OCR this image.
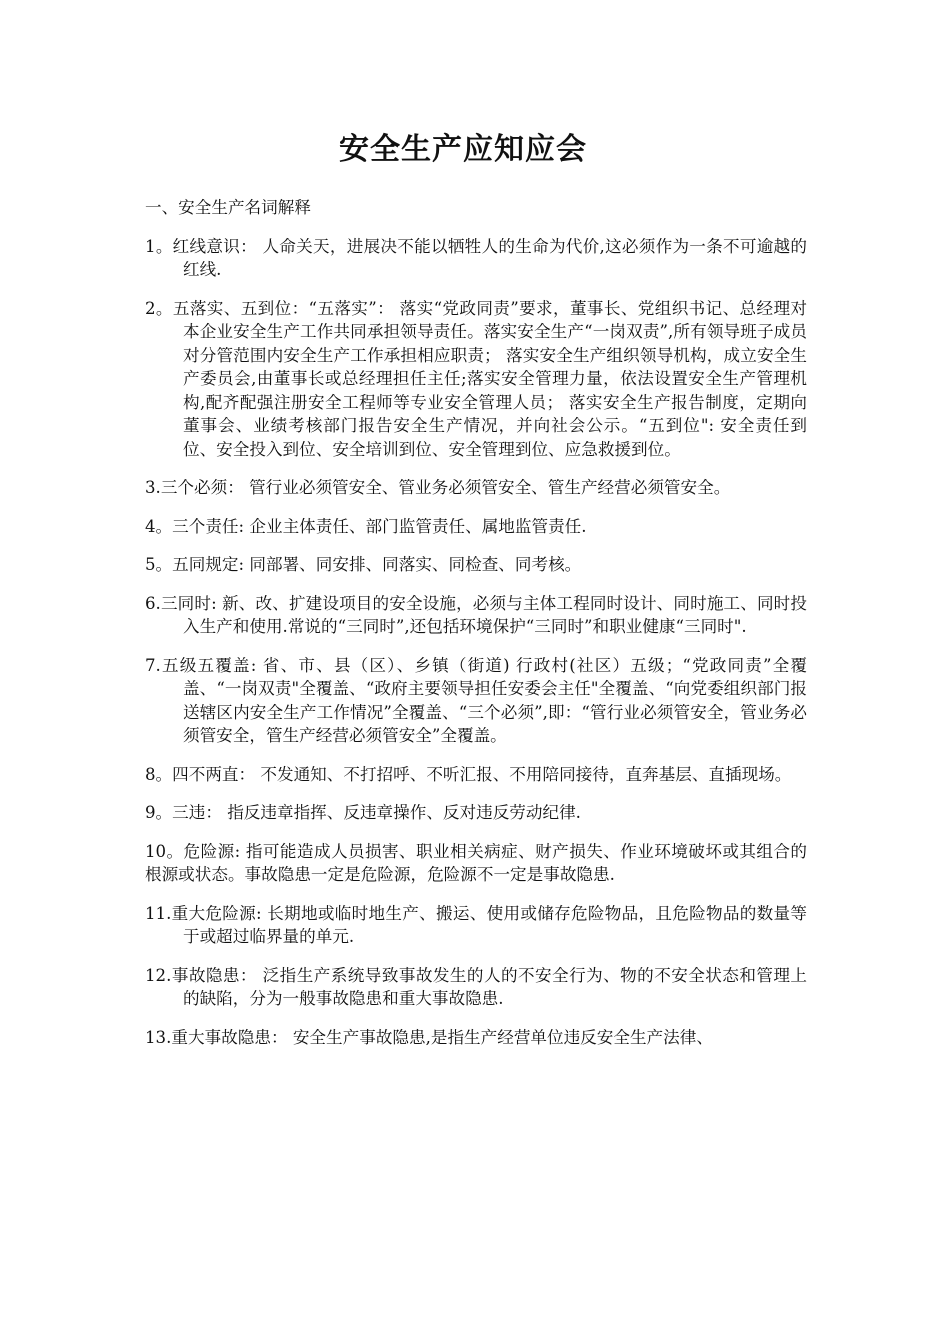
安全生产应知应会
一、安全生产名词解释
1。红线意识： 人命关天，进展决不能以牺牲人的生命为代价,这必须作为一条不可逾越的红线.
2。五落实、五到位：“五落实”： 落实“党政同责”要求，董事长、党组织书记、总经理对本企业安全生产工作共同承担领导责任。落实安全生产“一岗双责”,所有领导班子成员对分管范围内安全生产工作承担相应职责； 落实安全生产组织领导机构，成立安全生产委员会,由董事长或总经理担任主任;落实安全管理力量，依法设置安全生产管理机构,配齐配强注册安全工程师等专业安全管理人员； 落实安全生产报告制度，定期向董事会、业绩考核部门报告安全生产情况，并向社会公示。“五到位": 安全责任到位、安全投入到位、安全培训到位、安全管理到位、应急救援到位。
3.三个必须： 管行业必须管安全、管业务必须管安全、管生产经营必须管安全。
4。三个责任: 企业主体责任、部门监管责任、属地监管责任.
5。五同规定: 同部署、同安排、同落实、同检查、同考核。
6.三同时: 新、改、扩建设项目的安全设施，必须与主体工程同时设计、同时施工、同时投入生产和使用.常说的“三同时”,还包括环境保护“三同时”和职业健康“三同时".
7.五级五覆盖: 省、市、县（区）、乡镇（街道) 行政村(社区）五级；“党政同责”全覆盖、“一岗双责"全覆盖、“政府主要领导担任安委会主任"全覆盖、“向党委组织部门报送辖区内安全生产工作情况”全覆盖、“三个必须”,即：“管行业必须管安全，管业务必须管安全，管生产经营必须管安全”全覆盖。
8。四不两直： 不发通知、不打招呼、不听汇报、不用陪同接待，直奔基层、直插现场。
9。三违： 指反违章指挥、反违章操作、反对违反劳动纪律.
10。危险源: 指可能造成人员损害、职业相关病症、财产损失、作业环境破坏或其组合的根源或状态。事故隐患一定是危险源，危险源不一定是事故隐患.
11.重大危险源: 长期地或临时地生产、搬运、使用或储存危险物品，且危险物品的数量等于或超过临界量的单元.
12.事故隐患： 泛指生产系统导致事故发生的人的不安全行为、物的不安全状态和管理上的缺陷，分为一般事故隐患和重大事故隐患.
13.重大事故隐患： 安全生产事故隐患,是指生产经营单位违反安全生产法律、
